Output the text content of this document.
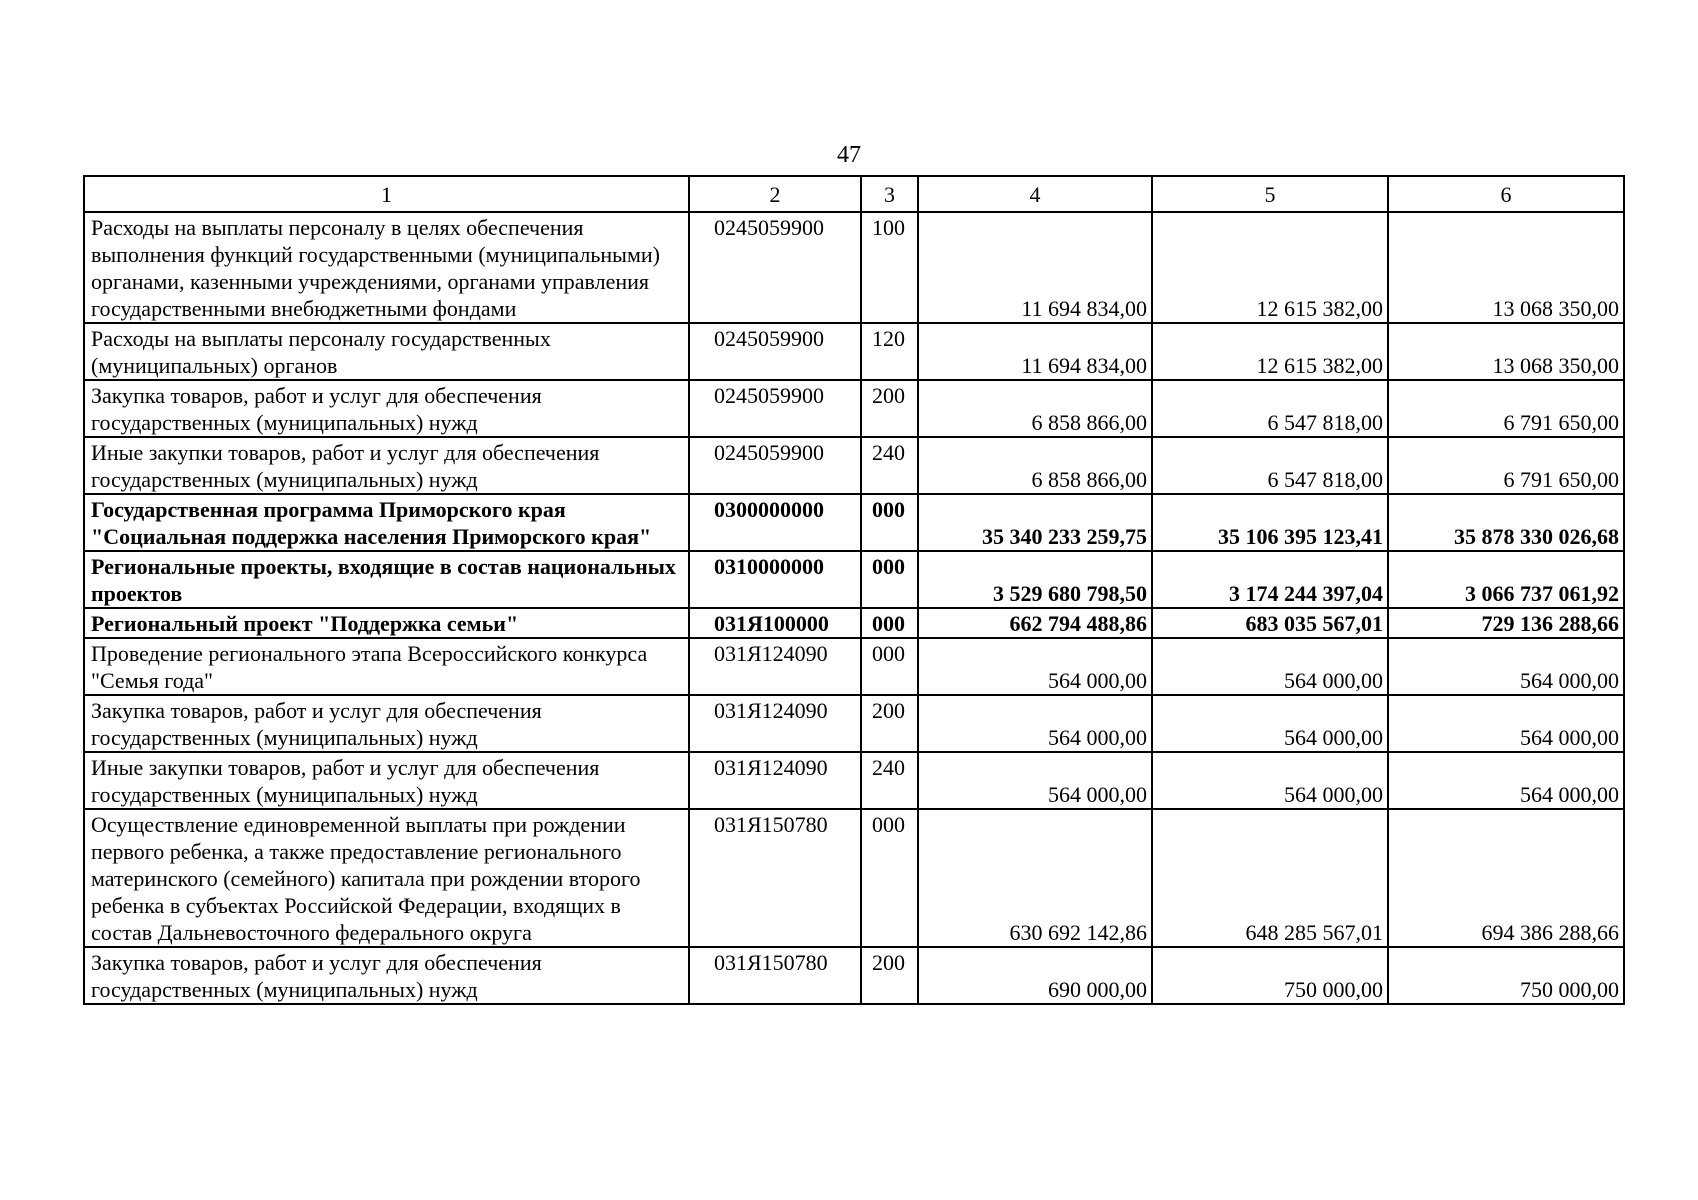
47
1	2	3	4	5	6
Расходы на выплаты персоналу в целях обеспечения выполнения функций государственными (муниципальными) органами, казенными учреждениями, органами управления государственными внебюджетными фондами	0245059900	100	11 694 834,00	12 615 382,00	13 068 350,00
Расходы на выплаты персоналу государственных (муниципальных) органов	0245059900	120	11 694 834,00	12 615 382,00	13 068 350,00
Закупка товаров, работ и услуг для обеспечения государственных (муниципальных) нужд	0245059900	200	6 858 866,00	6 547 818,00	6 791 650,00
Иные закупки товаров, работ и услуг для обеспечения государственных (муниципальных) нужд	0245059900	240	6 858 866,00	6 547 818,00	6 791 650,00
Государственная программа Приморского края "Социальная поддержка населения Приморского края"	0300000000	000	35 340 233 259,75	35 106 395 123,41	35 878 330 026,68
Региональные проекты, входящие в состав национальных проектов	0310000000	000	3 529 680 798,50	3 174 244 397,04	3 066 737 061,92
Региональный проект "Поддержка семьи"	031Я100000	000	662 794 488,86	683 035 567,01	729 136 288,66
Проведение регионального этапа Всероссийского конкурса "Семья года"	031Я124090	000	564 000,00	564 000,00	564 000,00
Закупка товаров, работ и услуг для обеспечения государственных (муниципальных) нужд	031Я124090	200	564 000,00	564 000,00	564 000,00
Иные закупки товаров, работ и услуг для обеспечения государственных (муниципальных) нужд	031Я124090	240	564 000,00	564 000,00	564 000,00
Осуществление единовременной выплаты при рождении первого ребенка, а также предоставление регионального материнского (семейного) капитала при рождении второго ребенка в субъектах Российской Федерации, входящих в состав Дальневосточного федерального округа	031Я150780	000	630 692 142,86	648 285 567,01	694 386 288,66
Закупка товаров, работ и услуг для обеспечения государственных (муниципальных) нужд	031Я150780	200	690 000,00	750 000,00	750 000,00
